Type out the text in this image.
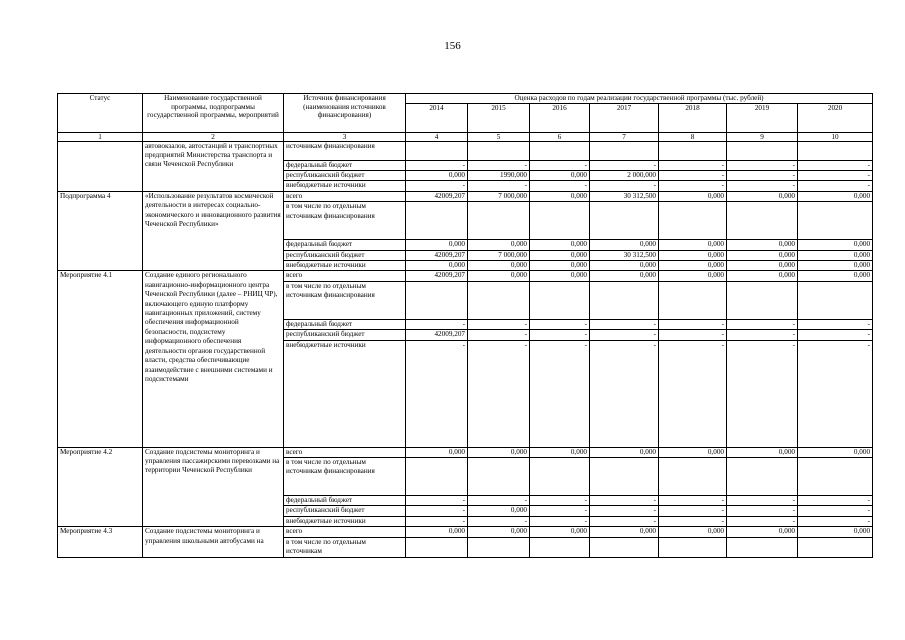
156
Статус	Наименование государственной программы, подпрограммы государственной программы, мероприятий	Источник финансирования (наименования источников финансирования)	Оценка расходов по годам реализации государственной программы (тыс. рублей)						
			2014	2015	2016	2017	2018	2019	2020
1	2	3	4	5	6	7	8	9	10
	автовокзалов, автостанций и транспортных предприятий Министерства транспорта и связи Чеченской Республики	источникам финансирования							
		федеральный бюджет	-	-	-	-	-	-	-
		республиканский бюджет	0,000	1990,000	0,000	2 000,000	-	-	-
		внебюджетные источники	-	-	-	-	-	-	-
Подпрограмма 4	«Использование результатов космической деятельности в интересах социально-экономического и инновационного развития Чеченской Республики»	всего	42009,207	7 000,000	0,000	30 312,500	0,000	0,000	0,000
		в том числе по отдельным источникам финансирования							
		федеральный бюджет	0,000	0,000	0,000	0,000	0,000	0,000	0,000
		республиканский бюджет	42009,207	7 000,000	0,000	30 312,500	0,000	0,000	0,000
		внебюджетные источники	0,000	0,000	0,000	0,000	0,000	0,000	0,000
Мероприятие 4.1	Создание единого регионального навигационно-информационного центра Чеченской Республики (далее – РНИЦ ЧР), включающего единую платформу навигационных приложений, систему обеспечения информационной безопасности, подсистему информационного обеспечения деятельности органов государственной власти, средства обеспечивающие взаимодействие с внешними системами и подсистемами	всего	42009,207	0,000	0,000	0,000	0,000	0,000	0,000
		в том числе по отдельным источникам финансирования							
		федеральный бюджет	-	-	-	-	-	-	-
		республиканский бюджет	42009,207	-	-	-	-	-	-
		внебюджетные источники	-	-	-	-	-	-	-
Мероприятие 4.2	Создание подсистемы мониторинга и управления пассажирскими перевозками на территории Чеченской Республики	всего	0,000	0,000	0,000	0,000	0,000	0,000	0,000
		в том числе по отдельным источникам финансирования							
		федеральный бюджет	-	-	-	-	-	-	-
		республиканский бюджет	-	0,000	-	-	-	-	-
		внебюджетные источники	-	-	-	-	-	-	-
Мероприятие 4.3	Создание подсистемы мониторинга и управления школьными автобусами на	всего	0,000	0,000	0,000	0,000	0,000	0,000	0,000
		в том числе по отдельным источникам							
